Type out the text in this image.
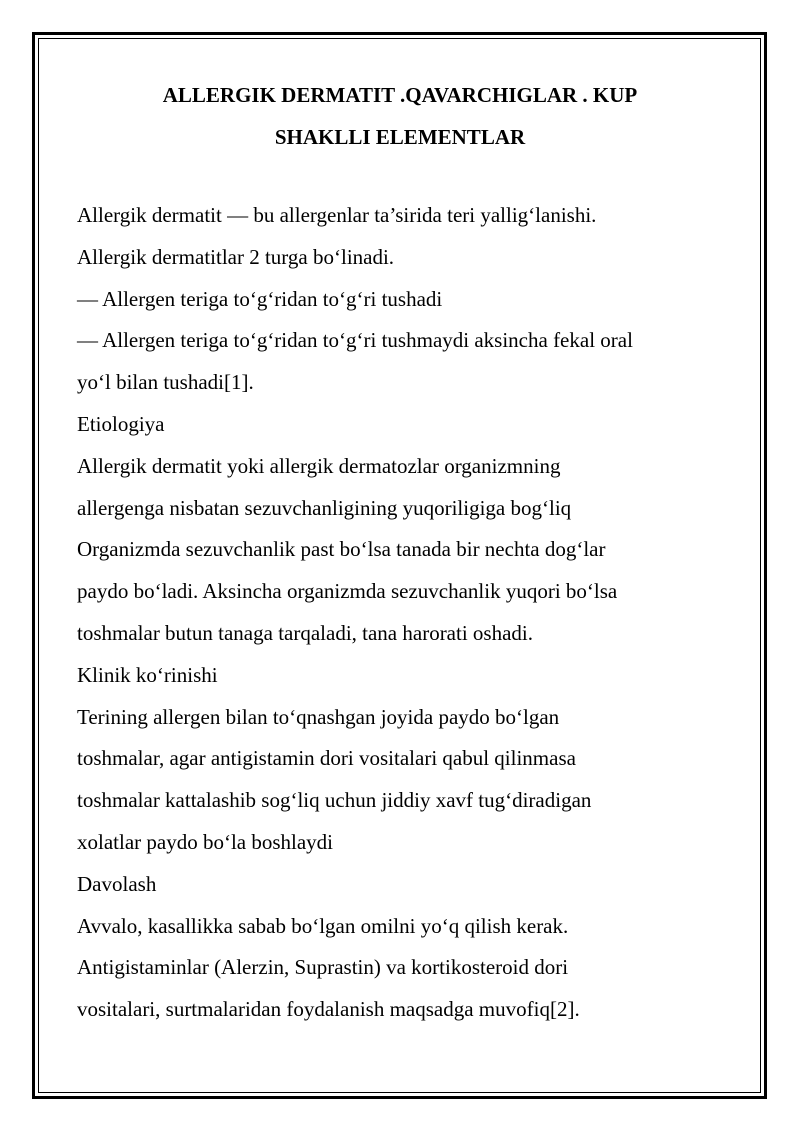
ALLERGIK DERMATIT .QAVARCHIGLAR . KUP
SHAKLLI ELEMENTLAR
Allergik dermatit — bu allergenlar ta’sirida teri yallig‘lanishi.
Allergik dermatitlar 2 turga bo‘linadi.
— Allergen teriga to‘g‘ridan to‘g‘ri tushadi
— Allergen teriga to‘g‘ridan to‘g‘ri tushmaydi aksincha fekal oral
yo‘l bilan tushadi[1].
Etiologiya
Allergik dermatit yoki allergik dermatozlar organizmning
allergenga nisbatan sezuvchanligining yuqoriligiga bog‘liq
Organizmda sezuvchanlik past bo‘lsa tanada bir nechta dog‘lar
paydo bo‘ladi. Aksincha organizmda sezuvchanlik yuqori bo‘lsa
toshmalar butun tanaga tarqaladi, tana harorati oshadi.
Klinik ko‘rinishi
Terining allergen bilan to‘qnashgan joyida paydo bo‘lgan
toshmalar, agar antigistamin dori vositalari qabul qilinmasa
toshmalar kattalashib sog‘liq uchun jiddiy xavf tug‘diradigan
xolatlar paydo bo‘la boshlaydi
Davolash
Avvalo, kasallikka sabab bo‘lgan omilni yo‘q qilish kerak.
Antigistaminlar (Alerzin, Suprastin) va kortikosteroid dori
vositalari, surtmalaridan foydalanish maqsadga muvofiq[2].
